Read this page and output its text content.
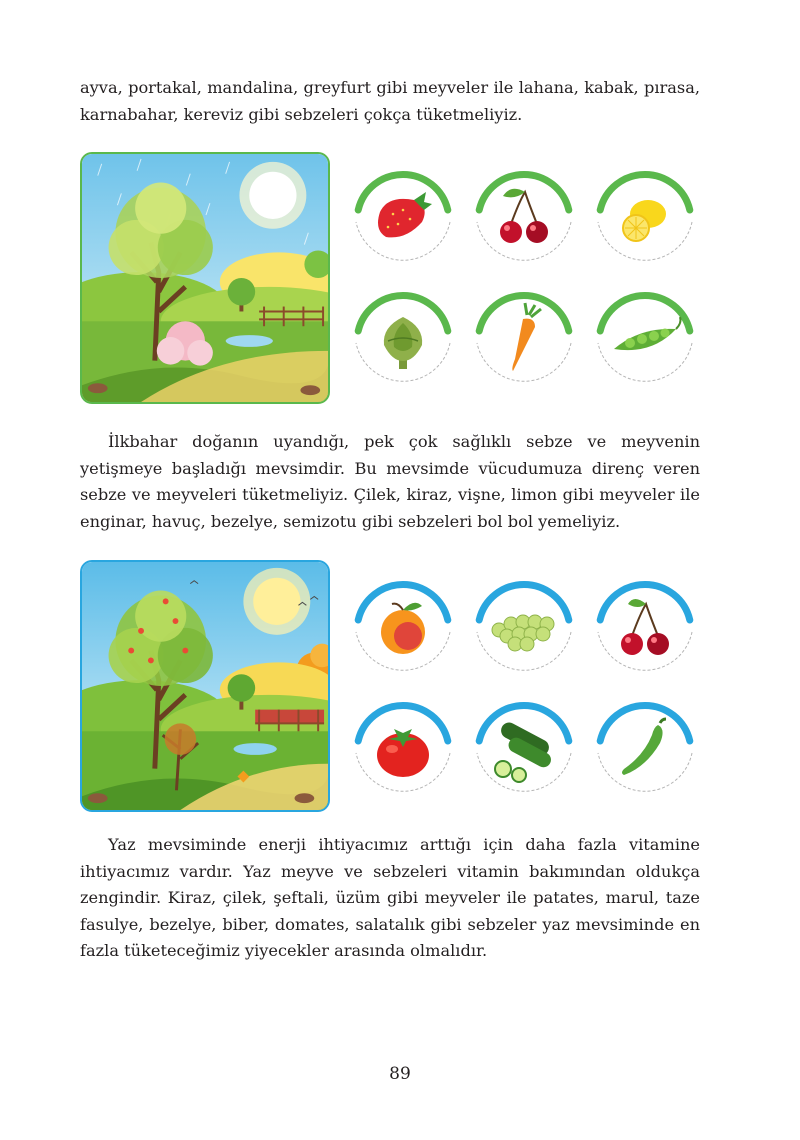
ayva, portakal, mandalina, greyfurt gibi meyveler ile lahana, kabak, pırasa, karnabahar, kereviz gibi sebzeleri çokça tüketmeliyiz.

İlkbahar doğanın uyandığı, pek çok sağlıklı sebze ve meyvenin yetişmeye başladığı mevsimdir. Bu mevsimde vücudumuza direnç veren sebze ve meyveleri tüketmeliyiz. Çilek, kiraz, vişne, limon gibi meyveler ile enginar, havuç, bezelye, semizotu gibi sebzeleri bol bol yemeliyiz.

Yaz mevsiminde enerji ihtiyacımız arttığı için daha fazla vitamine ihtiyacımız vardır. Yaz meyve ve sebzeleri vitamin bakımından oldukça zengindir. Kiraz, çilek, şeftali, üzüm gibi meyveler ile patates, marul, taze fasulye, bezelye, biber, domates, salatalık gibi sebzeler yaz mevsiminde en fazla tüketeceğimiz yiyecekler arasında olmalıdır.

89
